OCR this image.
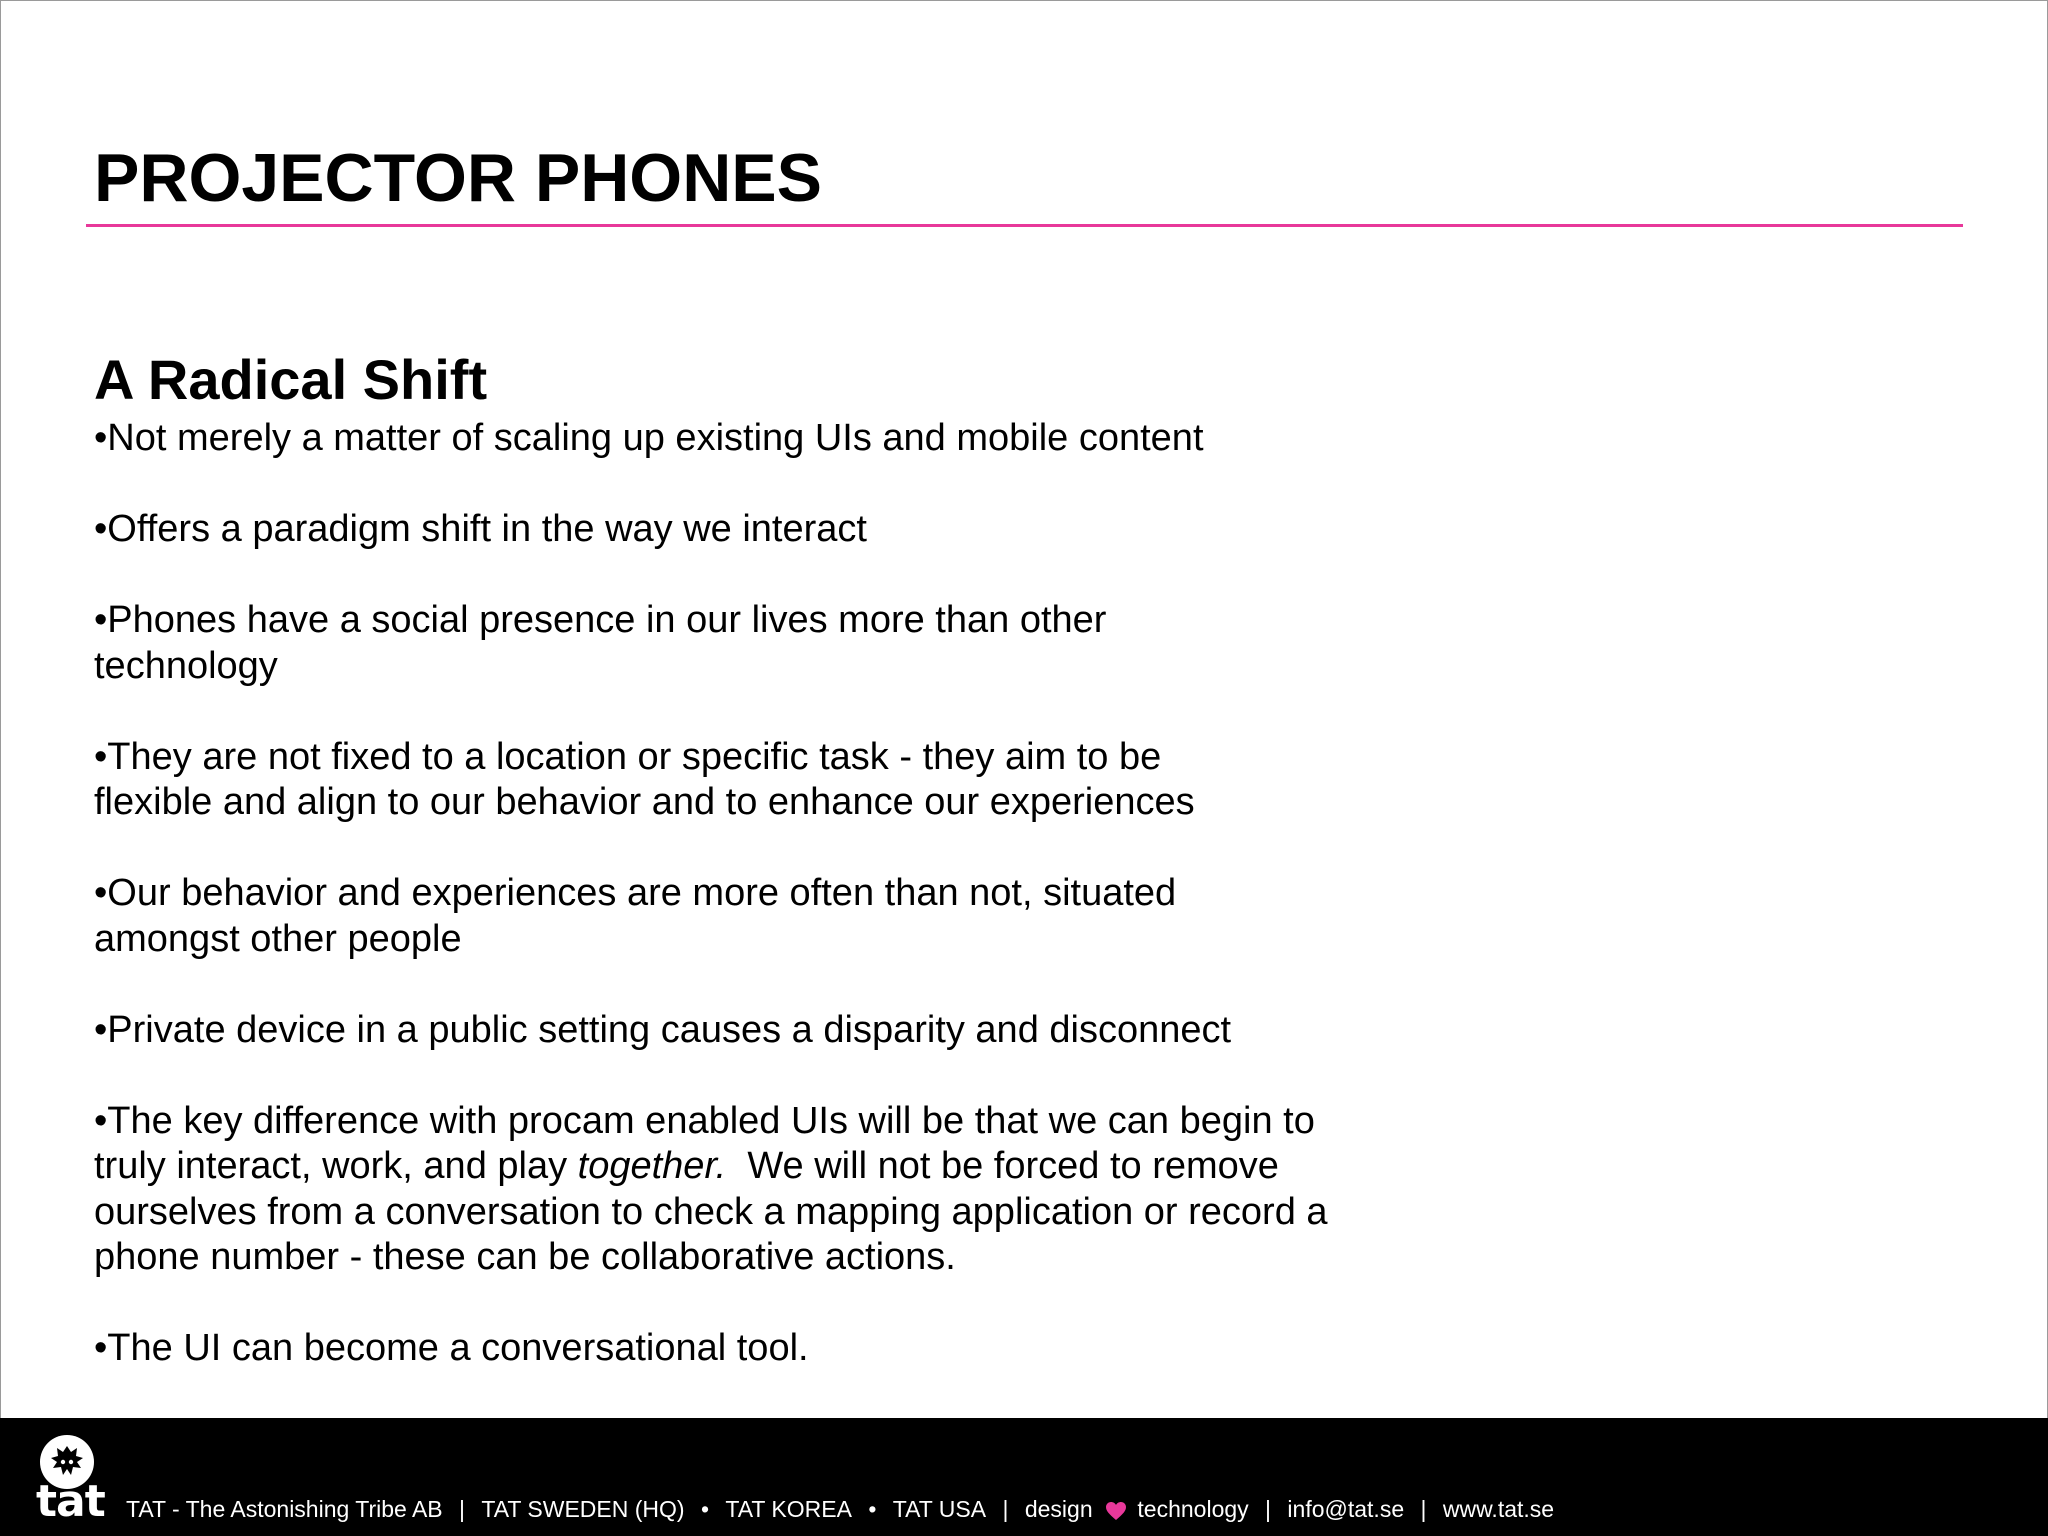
PROJECTOR PHONES
A Radical Shift

•Not merely a matter of scaling up existing UIs and mobile content

•Offers a paradigm shift in the way we interact

•Phones have a social presence in our lives more than other technology

•They are not fixed to a location or specific task - they aim to be flexible and align to our behavior and to enhance our experiences

•Our behavior and experiences are more often than not, situated amongst other people

•Private device in a public setting causes a disparity and disconnect

•The key difference with procam enabled UIs will be that we can begin to truly interact, work, and play together.  We will not be forced to remove ourselves from a conversation to check a mapping application or record a phone number - these can be collaborative actions.

•The UI can become a conversational tool.

tat TAT - The Astonishing Tribe AB | TAT SWEDEN (HQ) • TAT KOREA • TAT USA | design technology | info@tat.se | www.tat.se
